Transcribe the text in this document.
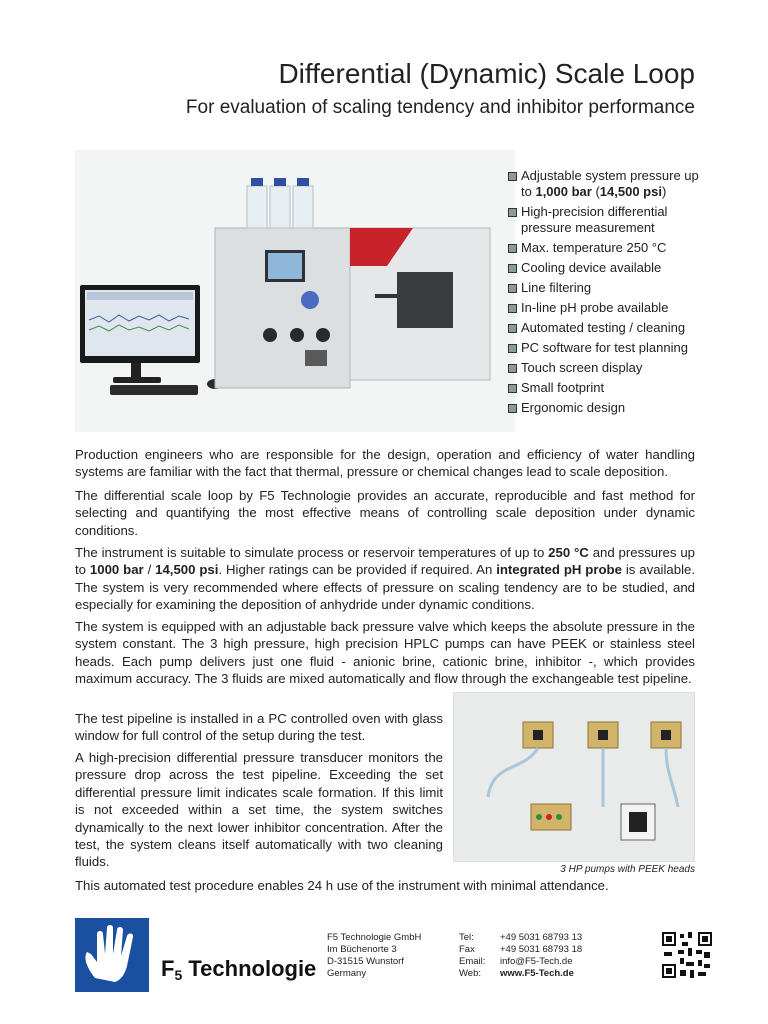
Differential (Dynamic) Scale Loop
For evaluation of scaling tendency and inhibitor performance
Adjustable system pressure up to 1,000 bar (14,500 psi)
High-precision differential pressure measurement
Max. temperature 250 °C
Cooling device available
Line filtering
In-line pH probe available
Automated testing / cleaning
PC software for test planning
Touch screen display
Small footprint
Ergonomic design

Production engineers who are responsible for the design, operation and efficiency of water handling systems are familiar with the fact that thermal, pressure or chemical changes lead to scale deposition.

The differential scale loop by F5 Technologie provides an accurate, reproducible and fast method for selecting and quantifying the most effective means of controlling scale deposition under dynamic conditions.

The instrument is suitable to simulate process or reservoir temperatures of up to 250 °C and pressures up to 1000 bar / 14,500 psi. Higher ratings can be provided if required. An integrated pH probe is available. The system is very recommended where effects of pressure on scaling tendency are to be studied, and especially for examining the deposition of anhydride under dynamic conditions.

The system is equipped with an adjustable back pressure valve which keeps the absolute pressure in the system constant. The 3 high pressure, high precision HPLC pumps can have PEEK or stainless steel heads. Each pump delivers just one fluid - anionic brine, cationic brine, inhibitor -, which provides maximum accuracy. The 3 fluids are mixed automatically and flow through the exchangeable test pipeline.

The test pipeline is installed in a PC controlled oven with glass window for full control of the setup during the test.

A high-precision differential pressure transducer monitors the pressure drop across the test pipeline. Exceeding the set differential pressure limit indicates scale formation. If this limit is not exceeded within a set time, the system switches dynamically to the next lower inhibitor concentration. After the test, the system cleans itself automatically with two cleaning fluids.

This automated test procedure enables 24 h use of the instrument with minimal attendance.

3 HP pumps with PEEK heads
F5 Technologie
F5 Technologie GmbH
Im Büchenorte 3
D-31515 Wunstorf
Germany
Tel:
Fax
Email:
Web:
+49 5031 68793 13
+49 5031 68793 18
info@F5-Tech.de
www.F5-Tech.de
